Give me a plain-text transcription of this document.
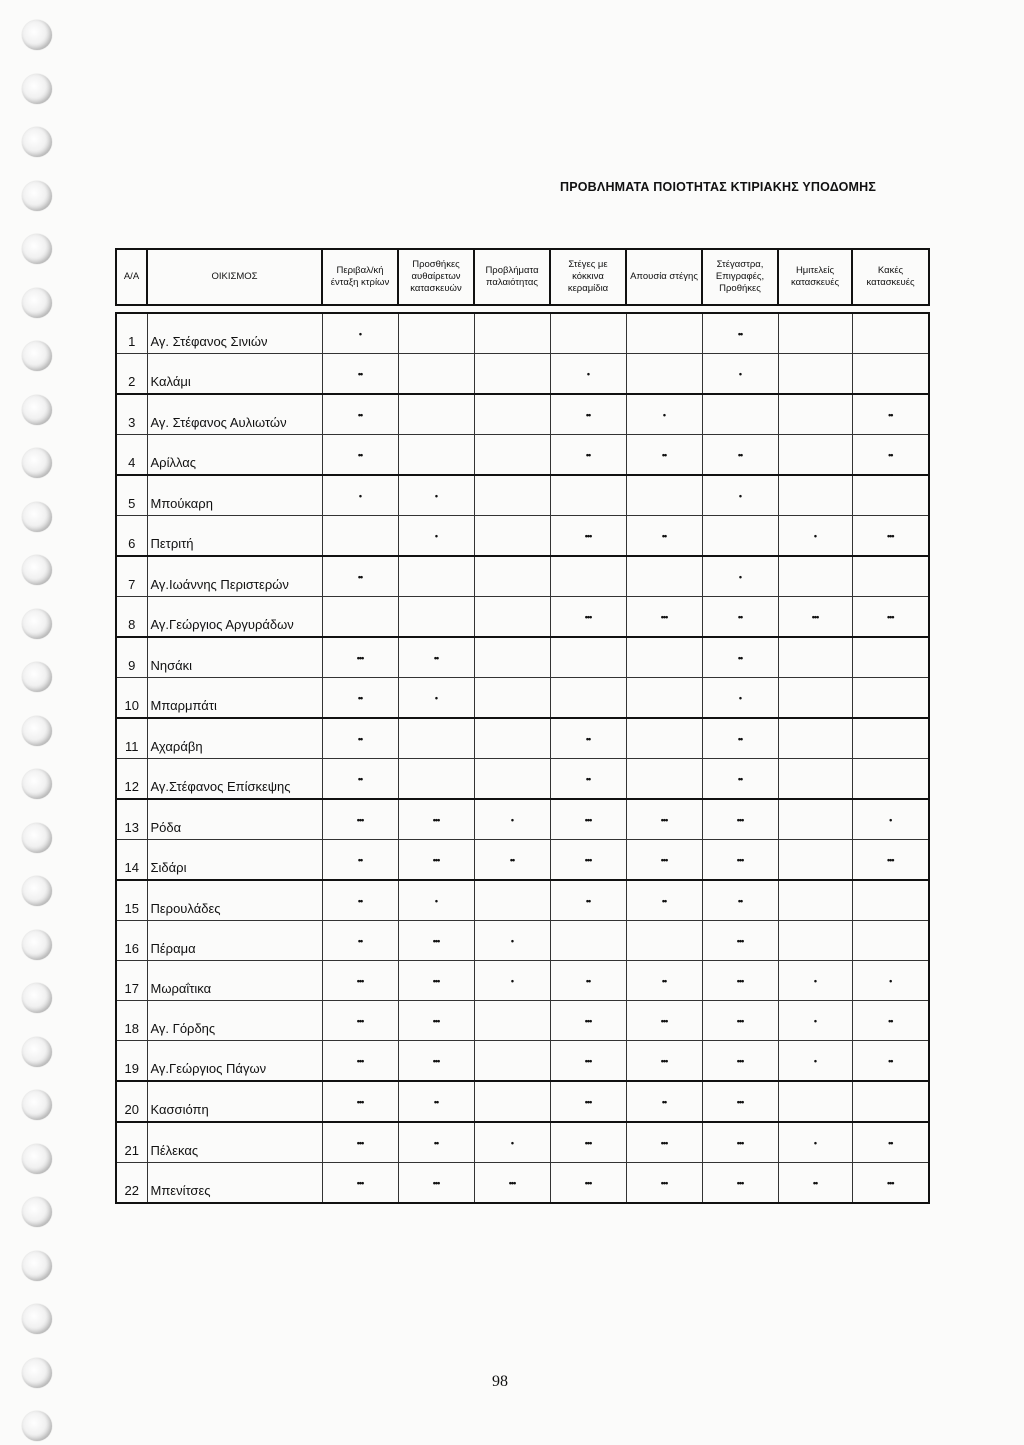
ΠΡΟΒΛΗΜΑΤΑ ΠΟΙΟΤΗΤΑΣ ΚΤΙΡΙΑΚΗΣ ΥΠΟΔΟΜΗΣ
Α/Α	ΟΙΚΙΣΜΟΣ	Περιβαλ/κή ένταξη κτρίων	Προσθήκες αυθαίρετων κατασκευών	Προβλήματα παλαιότητας	Στέγες με κόκκινα κεραμίδια	Απουσία στέγης	Στέγαστρα, Επιγραφές, Προθήκες	Ημιτελείς κατασκευές	Κακές κατασκευές
1	Αγ. Στέφανος Σινιών	•					••		
2	Καλάμι	••			•		•		
3	Αγ. Στέφανος Αυλιωτών	••			••	•			••
4	Αρίλλας	••			••	••	••		••
5	Μπούκαρη	•	•				•		
6	Πετριτή		•		•••	••		•	•••
7	Αγ.Ιωάννης Περιστερών	••					•		
8	Αγ.Γεώργιος Αργυράδων				•••	•••	••	•••	•••
9	Νησάκι	•••	••				••		
10	Μπαρμπάτι	••	•				•		
11	Αχαράβη	••			••		••		
12	Αγ.Στέφανος Επίσκεψης	••			••		••		
13	Ρόδα	•••	•••	•	•••	•••	•••		•
14	Σιδάρι	••	•••	••	•••	•••	•••		•••
15	Περουλάδες	••	•		••	••	••		
16	Πέραμα	••	•••	•			•••		
17	Μωραΐτικα	•••	•••	•	••	••	•••	•	•
18	Αγ. Γόρδης	•••	•••		•••	•••	•••	•	••
19	Αγ.Γεώργιος Πάγων	•••	•••		•••	•••	•••	•	••
20	Κασσιόπη	•••	••		•••	••	•••		
21	Πέλεκας	•••	••	•	•••	•••	•••	•	••
22	Μπενίτσες	•••	•••	•••	•••	•••	•••	••	•••
98
